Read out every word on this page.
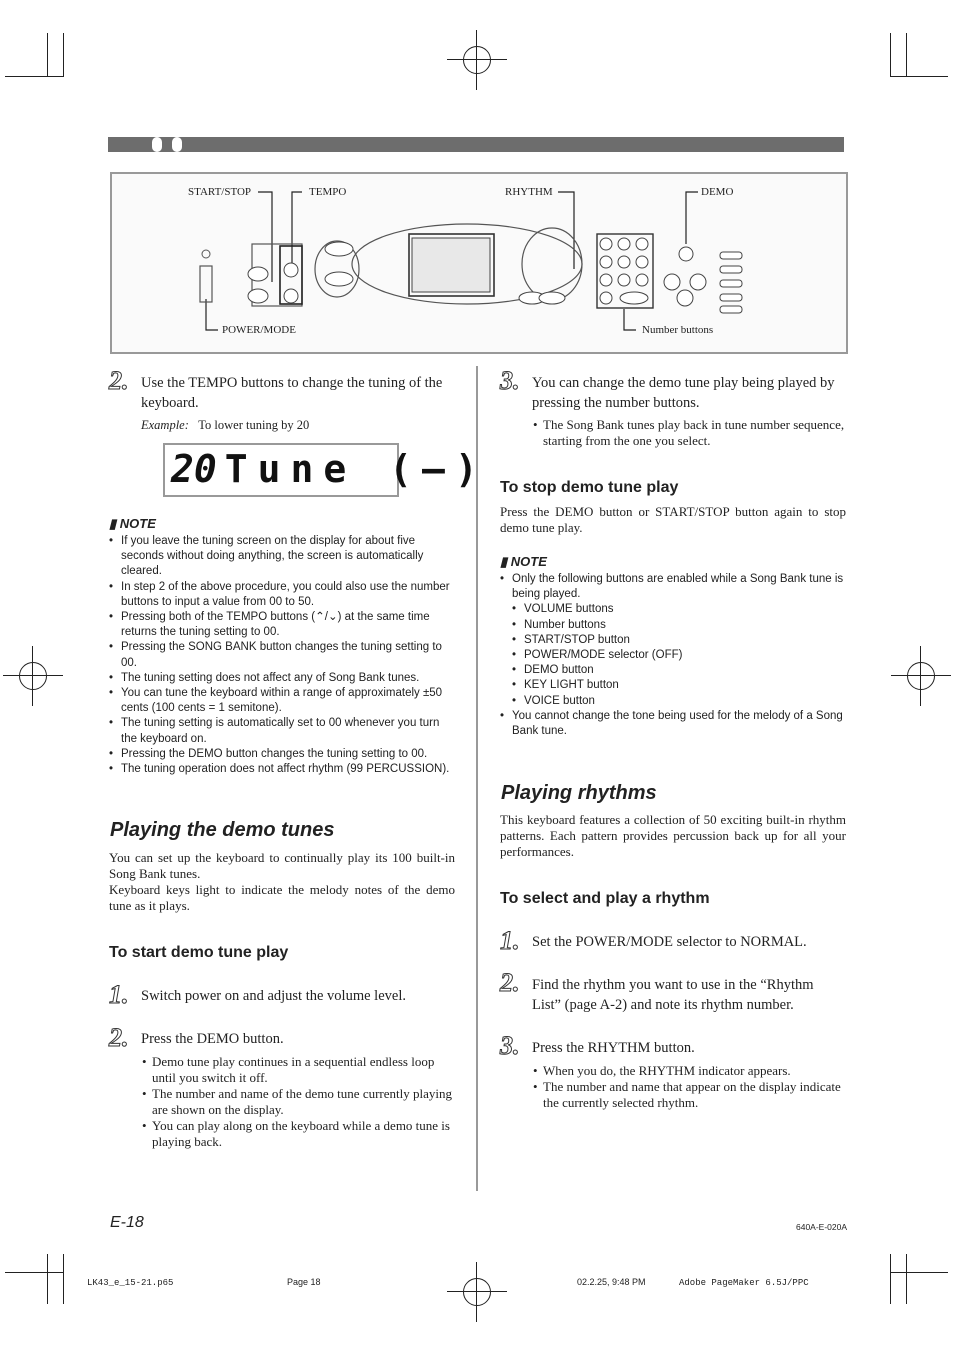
START/STOP	TEMPO	RHYTHM	DEMO
POWER/MODE	Number buttons
2. Use the TEMPO buttons to change the tuning of the keyboard.
Example: To lower tuning by 20
20 Tune (–)
▮ NOTE
• If you leave the tuning screen on the display for about five seconds without doing anything, the screen is automatically cleared.
• In step 2 of the above procedure, you could also use the number buttons to input a value from 00 to 50.
• Pressing both of the TEMPO buttons (⌃/⌄) at the same time returns the tuning setting to 00.
• Pressing the SONG BANK button changes the tuning setting to 00.
• The tuning setting does not affect any of Song Bank tunes.
• You can tune the keyboard within a range of approximately ±50 cents (100 cents = 1 semitone).
• The tuning setting is automatically set to 00 whenever you turn the keyboard on.
• Pressing the DEMO button changes the tuning setting to 00.
• The tuning operation does not affect rhythm (99 PERCUSSION).
Playing the demo tunes
You can set up the keyboard to continually play its 100 built-in Song Bank tunes.
Keyboard keys light to indicate the melody notes of the demo tune as it plays.
To start demo tune play
1. Switch power on and adjust the volume level.
2. Press the DEMO button.
• Demo tune play continues in a sequential endless loop until you switch it off.
• The number and name of the demo tune currently playing are shown on the display.
• You can play along on the keyboard while a demo tune is playing back.
3. You can change the demo tune play being played by pressing the number buttons.
• The Song Bank tunes play back in tune number sequence, starting from the one you select.
To stop demo tune play
Press the DEMO button or START/STOP button again to stop demo tune play.
▮ NOTE
• Only the following buttons are enabled while a Song Bank tune is being played.
• VOLUME buttons
• Number buttons
• START/STOP button
• POWER/MODE selector (OFF)
• DEMO button
• KEY LIGHT button
• VOICE button
• You cannot change the tone being used for the melody of a Song Bank tune.
Playing rhythms
This keyboard features a collection of 50 exciting built-in rhythm patterns. Each pattern provides percussion back up for all your performances.
To select and play a rhythm
1. Set the POWER/MODE selector to NORMAL.
2. Find the rhythm you want to use in the “Rhythm List” (page A-2) and note its rhythm number.
3. Press the RHYTHM button.
• When you do, the RHYTHM indicator appears.
• The number and name that appear on the display indicate the currently selected rhythm.
E-18	640A-E-020A
LK43_e_15-21.p65	Page 18	02.2.25, 9:48 PM	Adobe PageMaker 6.5J/PPC
